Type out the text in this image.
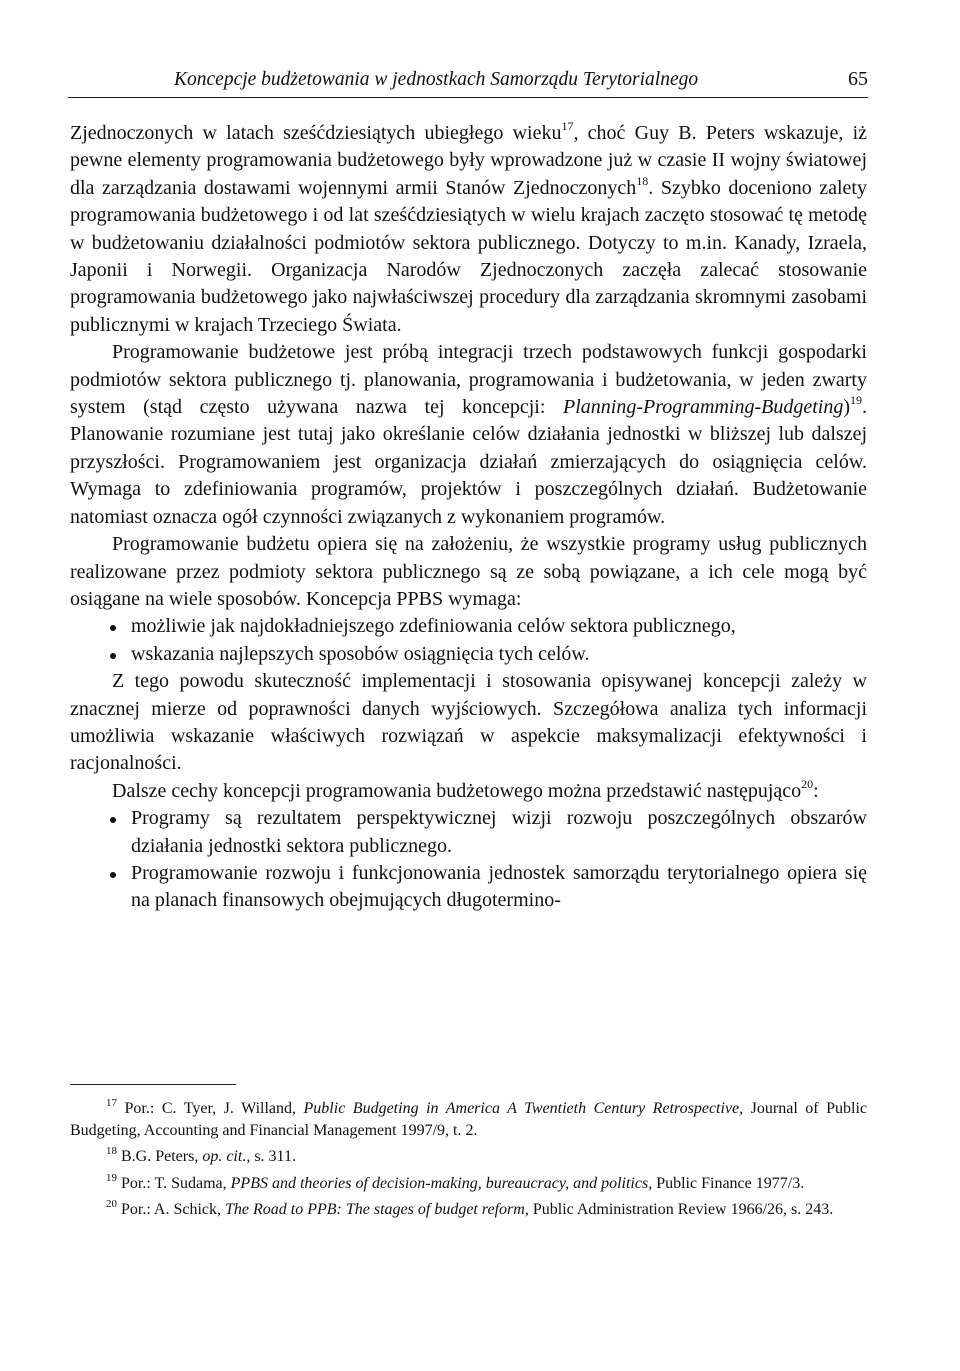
Koncepcje budżetowania w jednostkach Samorządu Terytorialnego	65

Zjednoczonych w latach sześćdziesiątych ubiegłego wieku$^{17}$, choć Guy B. Peters wskazuje, iż pewne elementy programowania budżetowego były wprowadzone już w czasie II wojny światowej dla zarządzania dostawami wojennymi armii Stanów Zjednoczonych$^{18}$. Szybko doceniono zalety programowania budżetowego i od lat sześćdziesiątych w wielu krajach zaczęto stosować tę metodę w budżetowaniu działalności podmiotów sektora publicznego. Dotyczy to m.in. Kanady, Izraela, Japonii i Norwegii. Organizacja Narodów Zjednoczonych zaczęła zalecać stosowanie programowania budżetowego jako najwłaściwszej procedury dla zarządzania skromnymi zasobami publicznymi w krajach Trzeciego Świata.

Programowanie budżetowe jest próbą integracji trzech podstawowych funkcji gospodarki podmiotów sektora publicznego tj. planowania, programowania i budżetowania, w jeden zwarty system (stąd często używana nazwa tej koncepcji: Planning-Programming-Budgeting)$^{19}$. Planowanie rozumiane jest tutaj jako określanie celów działania jednostki w bliższej lub dalszej przyszłości. Programowaniem jest organizacja działań zmierzających do osiągnięcia celów. Wymaga to zdefiniowania programów, projektów i poszczególnych działań. Budżetowanie natomiast oznacza ogół czynności związanych z wykonaniem programów.

Programowanie budżetu opiera się na założeniu, że wszystkie programy usług publicznych realizowane przez podmioty sektora publicznego są ze sobą powiązane, a ich cele mogą być osiągane na wiele sposobów. Koncepcja PPBS wymaga:

możliwie jak najdokładniejszego zdefiniowania celów sektora publicznego,
wskazania najlepszych sposobów osiągnięcia tych celów.

Z tego powodu skuteczność implementacji i stosowania opisywanej koncepcji zależy w znacznej mierze od poprawności danych wyjściowych. Szczegółowa analiza tych informacji umożliwia wskazanie właściwych rozwiązań w aspekcie maksymalizacji efektywności i racjonalności.

Dalsze cechy koncepcji programowania budżetowego można przedstawić następująco$^{20}$:

Programy są rezultatem perspektywicznej wizji rozwoju poszczególnych obszarów działania jednostki sektora publicznego.
Programowanie rozwoju i funkcjonowania jednostek samorządu terytorialnego opiera się na planach finansowych obejmujących długotermino-

$^{17}$ Por.: C. Tyer, J. Willand, Public Budgeting in America A Twentieth Century Retrospective, Journal of Public Budgeting, Accounting and Financial Management 1997/9, t. 2.

$^{18}$ B.G. Peters, op. cit., s. 311.

$^{19}$ Por.: T. Sudama, PPBS and theories of decision-making, bureaucracy, and politics, Public Finance 1977/3.

$^{20}$ Por.: A. Schick, The Road to PPB: The stages of budget reform, Public Administration Review 1966/26, s. 243.
